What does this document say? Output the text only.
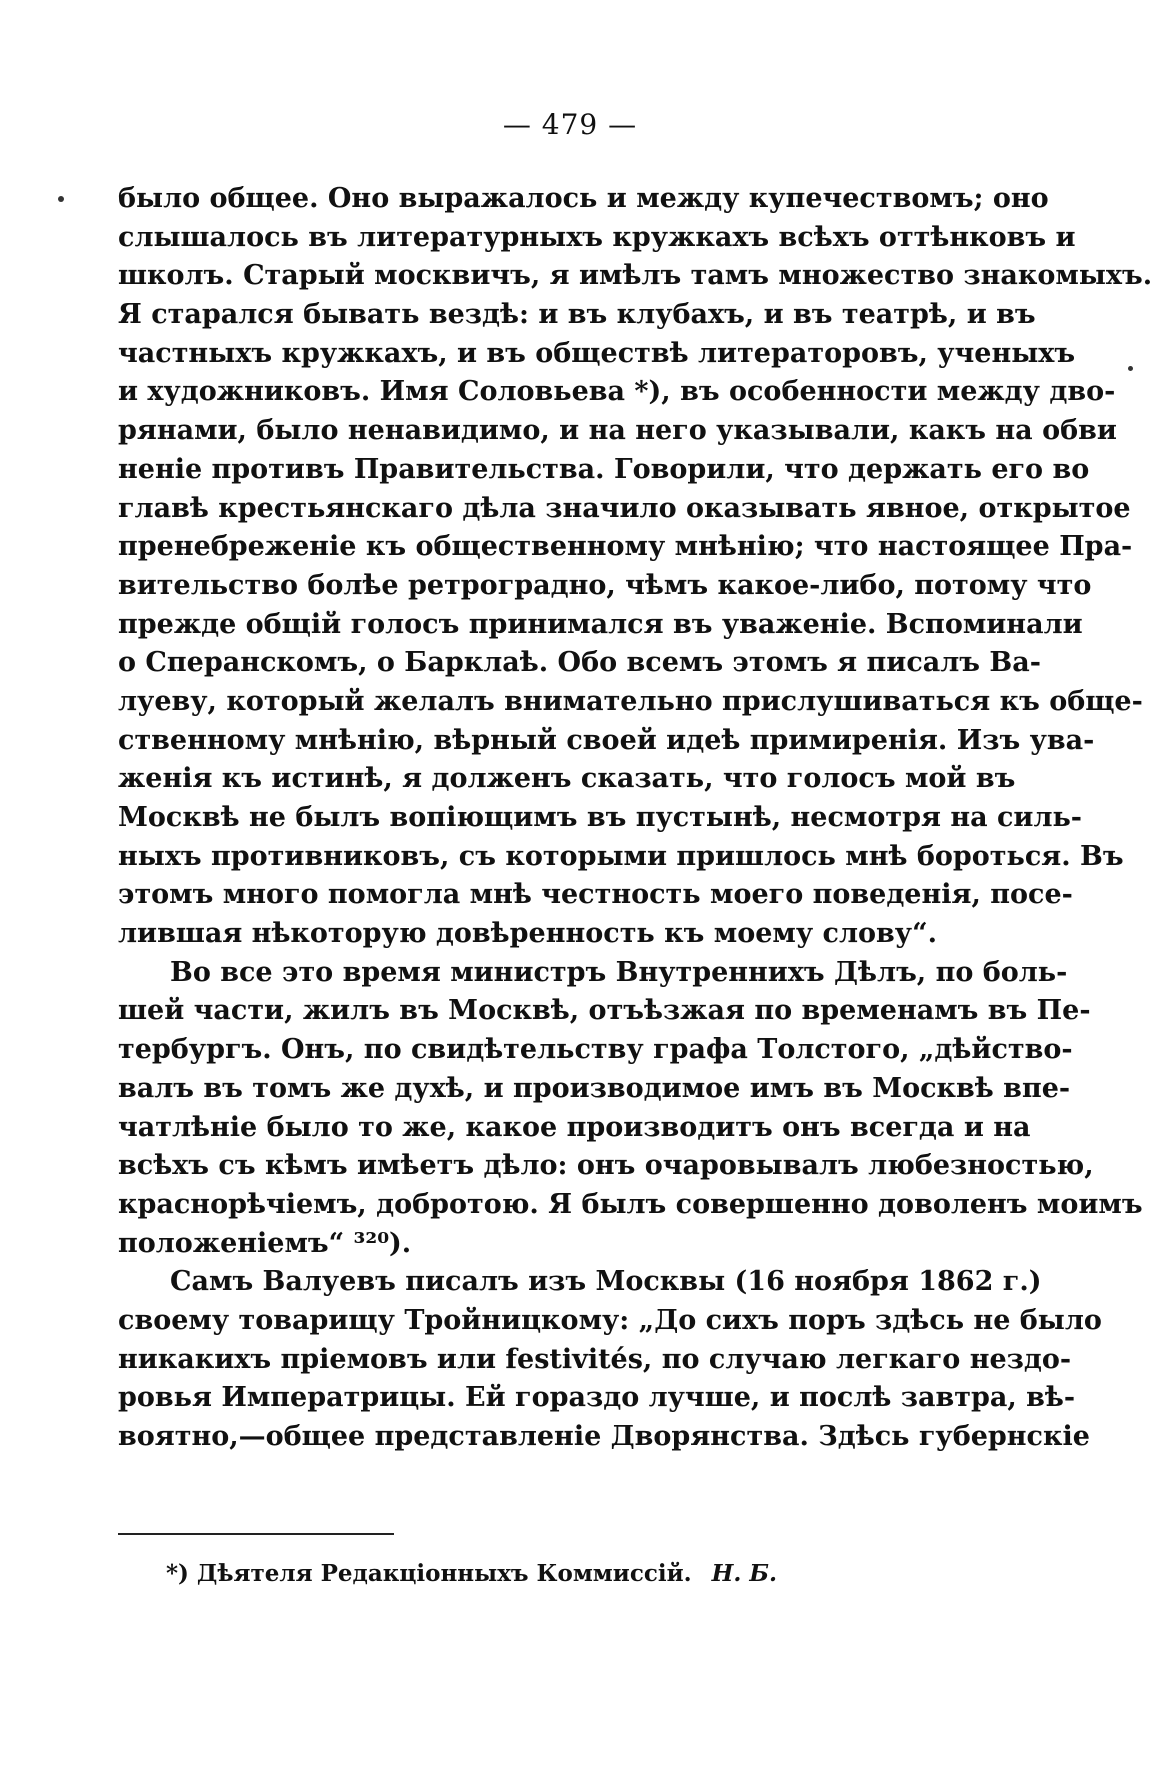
— 479 —
было общее. Оно выражалось и между купечествомъ; оно
слышалось въ литературныхъ кружкахъ всѣхъ оттѣнковъ и
школъ. Старый москвичъ, я имѣлъ тамъ множество знакомыхъ.
Я старался бывать вездѣ: и въ клубахъ, и въ театрѣ, и въ
частныхъ кружкахъ, и въ обществѣ литераторовъ, ученыхъ
и художниковъ. Имя Соловьева *), въ особенности между дво-
рянами, было ненавидимо, и на него указывали, какъ на обви
неніе противъ Правительства. Говорили, что держать его во
главѣ крестьянскаго дѣла значило оказывать явное, открытое
пренебреженіе къ общественному мнѣнію; что настоящее Пра-
вительство болѣе ретроградно, чѣмъ какое-либо, потому что
прежде общій голосъ принимался въ уваженіе. Вспоминали
о Сперанскомъ, о Барклаѣ. Обо всемъ этомъ я писалъ Ва-
луеву, который желалъ внимательно прислушиваться къ обще-
ственному мнѣнію, вѣрный своей идеѣ примиренія. Изъ ува-
женія къ истинѣ, я долженъ сказать, что голосъ мой въ
Москвѣ не былъ вопіющимъ въ пустынѣ, несмотря на силь-
ныхъ противниковъ, съ которыми пришлось мнѣ бороться. Въ
этомъ много помогла мнѣ честность моего поведенія, посе-
лившая нѣкоторую довѣренность къ моему слову“.
Во все это время министръ Внутреннихъ Дѣлъ, по боль-
шей части, жилъ въ Москвѣ, отъѣзжая по временамъ въ Пе-
тербургъ. Онъ, по свидѣтельству графа Толстого, „дѣйство-
валъ въ томъ же духѣ, и производимое имъ въ Москвѣ впе-
чатлѣніе было то же, какое производитъ онъ всегда и на
всѣхъ съ кѣмъ имѣетъ дѣло: онъ очаровывалъ любезностью,
краснорѣчіемъ, добротою. Я былъ совершенно доволенъ моимъ
положеніемъ“ ³²⁰).
Самъ Валуевъ писалъ изъ Москвы (16 ноября 1862 г.)
своему товарищу Тройницкому: „До сихъ поръ здѣсь не было
никакихъ пріемовъ или festivités, по случаю легкаго нездо-
ровья Императрицы. Ей гораздо лучше, и послѣ завтра, вѣ-
воятно,—общее представленіе Дворянства. Здѣсь губернскіе
*) Дѣятеля Редакціонныхъ Коммиссій. Н. Б.
